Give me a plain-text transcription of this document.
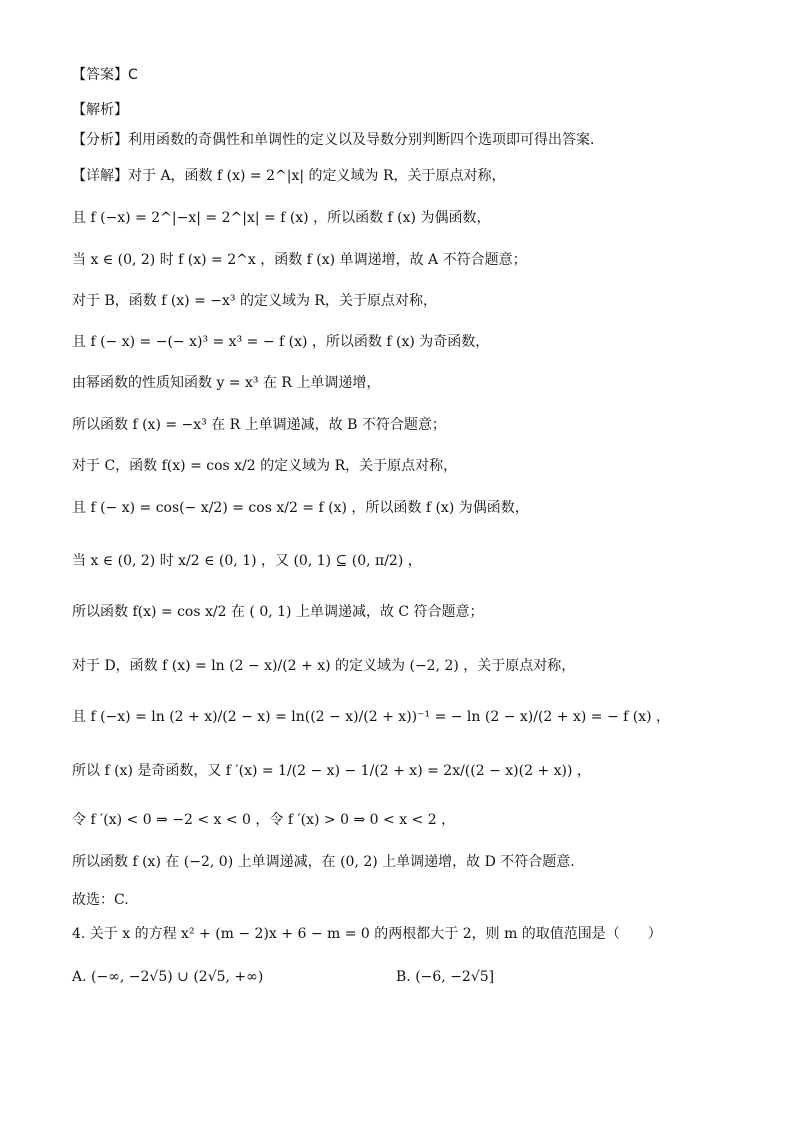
【答案】C
【解析】
【分析】利用函数的奇偶性和单调性的定义以及导数分别判断四个选项即可得出答案.
【详解】对于 A，函数 f (x) = 2^|x| 的定义域为 R，关于原点对称，
且 f (−x) = 2^|−x| = 2^|x| = f (x) ，所以函数 f (x) 为偶函数，
当 x ∈ (0, 2) 时 f (x) = 2^x ，函数 f (x) 单调递增，故 A 不符合题意；
对于 B，函数 f (x) = −x³ 的定义域为 R，关于原点对称，
且 f (− x) = −(− x)³ = x³ = − f (x) ，所以函数 f (x) 为奇函数，
由幂函数的性质知函数 y = x³ 在 R 上单调递增，
所以函数 f (x) = −x³ 在 R 上单调递减，故 B 不符合题意；
对于 C，函数 f(x) = cos x/2 的定义域为 R，关于原点对称，
且 f (− x) = cos(− x/2) = cos x/2 = f (x) ，所以函数 f (x) 为偶函数，
当 x ∈ (0, 2) 时 x/2 ∈ (0, 1) ，又 (0, 1) ⊆ (0, π/2) ，
所以函数 f(x) = cos x/2 在 ( 0, 1) 上单调递减，故 C 符合题意；
对于 D，函数 f (x) = ln (2 − x)/(2 + x) 的定义域为 (−2, 2) ，关于原点对称，
且 f (−x) = ln (2 + x)/(2 − x) = ln((2 − x)/(2 + x))⁻¹ = − ln (2 − x)/(2 + x) = − f (x) ，
所以 f (x) 是奇函数，又 f ′(x) = 1/(2 − x) − 1/(2 + x) = 2x/((2 − x)(2 + x)) ，
令 f ′(x) < 0 ⇒ −2 < x < 0 ，令 f ′(x) > 0 ⇒ 0 < x < 2 ，
所以函数 f (x) 在 (−2, 0) 上单调递减，在 (0, 2) 上单调递增，故 D 不符合题意.
故选：C.
4. 关于 x 的方程 x² + (m − 2)x + 6 − m = 0 的两根都大于 2，则 m 的取值范围是（　　）
A. (−∞, −2√5) ∪ (2√5, +∞)	B. (−6, −2√5]
